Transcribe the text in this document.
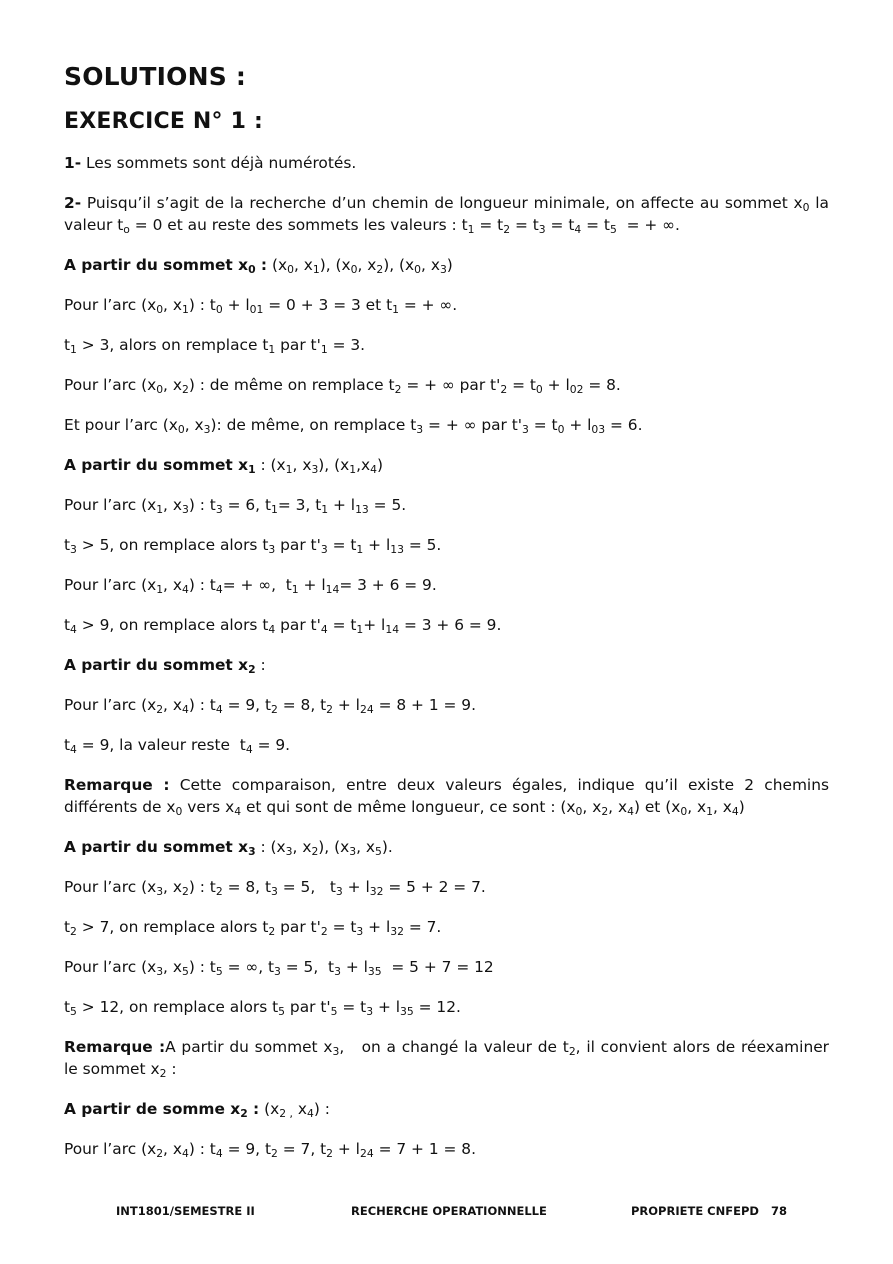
SOLUTIONS :
EXERCICE N° 1 :

1- Les sommets sont déjà numérotés.

2- Puisqu’il s’agit de la recherche d’un chemin de longueur minimale, on affecte au sommet $x_0$ la valeur $t_o = 0$ et au reste des sommets les valeurs : $t_1 = t_2 = t_3 = t_4 = t_5$  = + ∞.

A partir du sommet $x_0$ : ($x_0$, $x_1$), ($x_0$, $x_2$), ($x_0$, $x_3$)

Pour l’arc ($x_0$, $x_1$) : $t_0 + l_{01} = 0 + 3 = 3$ et $t_1$ = + ∞.

$t_1 > 3$, alors on remplace $t_1$ par $t'_1 = 3$.

Pour l’arc ($x_0$, $x_2$) : de même on remplace $t_2$ = + ∞ par $t'_2 = t_0 + l_{02} = 8$.

Et pour l’arc ($x_0$, $x_3$): de même, on remplace $t_3$ = + ∞ par $t'_3 = t_0 + l_{03} = 6$.

A partir du sommet $x_1$ : ($x_1$, $x_3$), $(x_1,x_4)$

Pour l’arc ($x_1$, $x_3$) : $t_3 = 6$, $t_1= 3$, $t_1 + l_{13} = 5$.

$t_3 > 5$, on remplace alors $t_3$ par $t'_3 = t_1 + l_{13} = 5$.

Pour l’arc ($x_1$, $x_4$) : $t_4=$ + ∞,  $t_1 + l_{14}= 3 + 6 = 9$.

$t_4 > 9$, on remplace alors $t_4$ par $t'_4 = t_1+ l_{14} = 3 + 6 = 9$.

A partir du sommet $x_2$ :

Pour l’arc ($x_2$, $x_4$) : $t_4 = 9$, $t_2 = 8$, $t_2 + l_{24} = 8 + 1 = 9$.

$t_4 = 9$, la valeur reste  $t_4 = 9$.

Remarque : Cette comparaison, entre deux valeurs égales, indique qu’il existe 2 chemins différents de $x_0$ vers $x_4$ et qui sont de même longueur, ce sont : ($x_0$, $x_2$, $x_4$) et ($x_0$, $x_1$, $x_4$)

A partir du sommet $x_3$ : ($x_3$, $x_2$), ($x_3$, $x_5$).

Pour l’arc ($x_3$, $x_2$) : $t_2 = 8$, $t_3 = 5$,   $t_3 + l_{32} = 5 + 2 = 7$.

$t_2 > 7$, on remplace alors $t_2$ par $t'_2 = t_3 + l_{32} = 7$.

Pour l’arc ($x_3$, $x_5$) : $t_5$ = ∞, $t_3 = 5$,  $t_3 + l_{35} = 5 + 7 = 12$

$t_5 > 12$, on remplace alors $t_5$ par $t'_5 = t_3 + l_{35} = 12$.

Remarque :A partir du sommet $x_3$,   on a changé la valeur de $t_2$, il convient alors de réexaminer le sommet $x_2$ :

A partir de somme $x_2$ : ($x_{2 ,}$ $x_4$) :

Pour l’arc ($x_2$, $x_4$) : $t_4 = 9$, $t_2 = 7$, $t_2 + l_{24} = 7 + 1 = 8$.

INT1801/SEMESTRE II	RECHERCHE OPERATIONNELLE	PROPRIETE CNFEPD 78
